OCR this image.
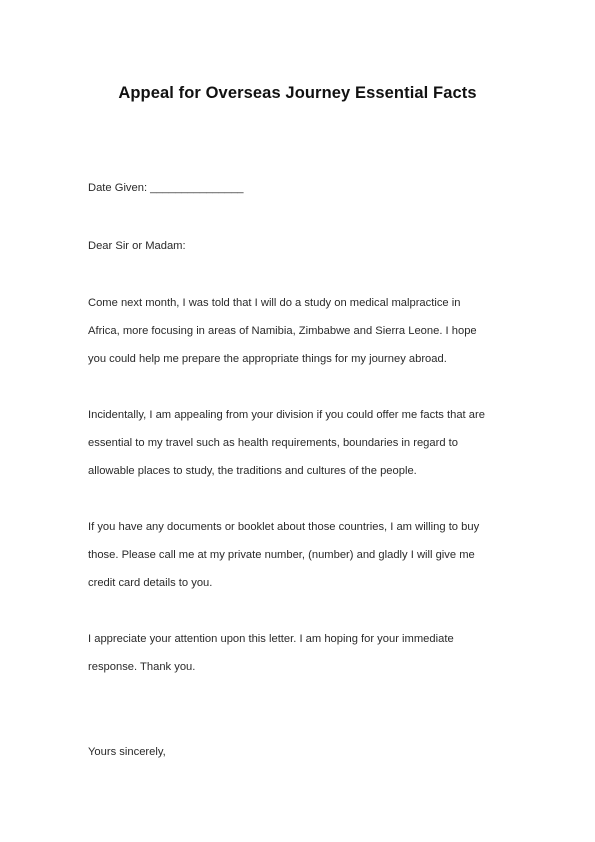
Appeal for Overseas Journey Essential Facts
Date Given: _______________
Dear Sir or Madam:
Come next month, I was told that I will do a study on medical malpractice in
Africa, more focusing in areas of Namibia, Zimbabwe and Sierra Leone. I hope
you could help me prepare the appropriate things for my journey abroad.
Incidentally, I am appealing from your division if you could offer me facts that are
essential to my travel such as health requirements, boundaries in regard to
allowable places to study, the traditions and cultures of the people.
If you have any documents or booklet about those countries, I am willing to buy
those. Please call me at my private number, (number) and gladly I will give me
credit card details to you.
I appreciate your attention upon this letter. I am hoping for your immediate
response. Thank you.
Yours sincerely,
